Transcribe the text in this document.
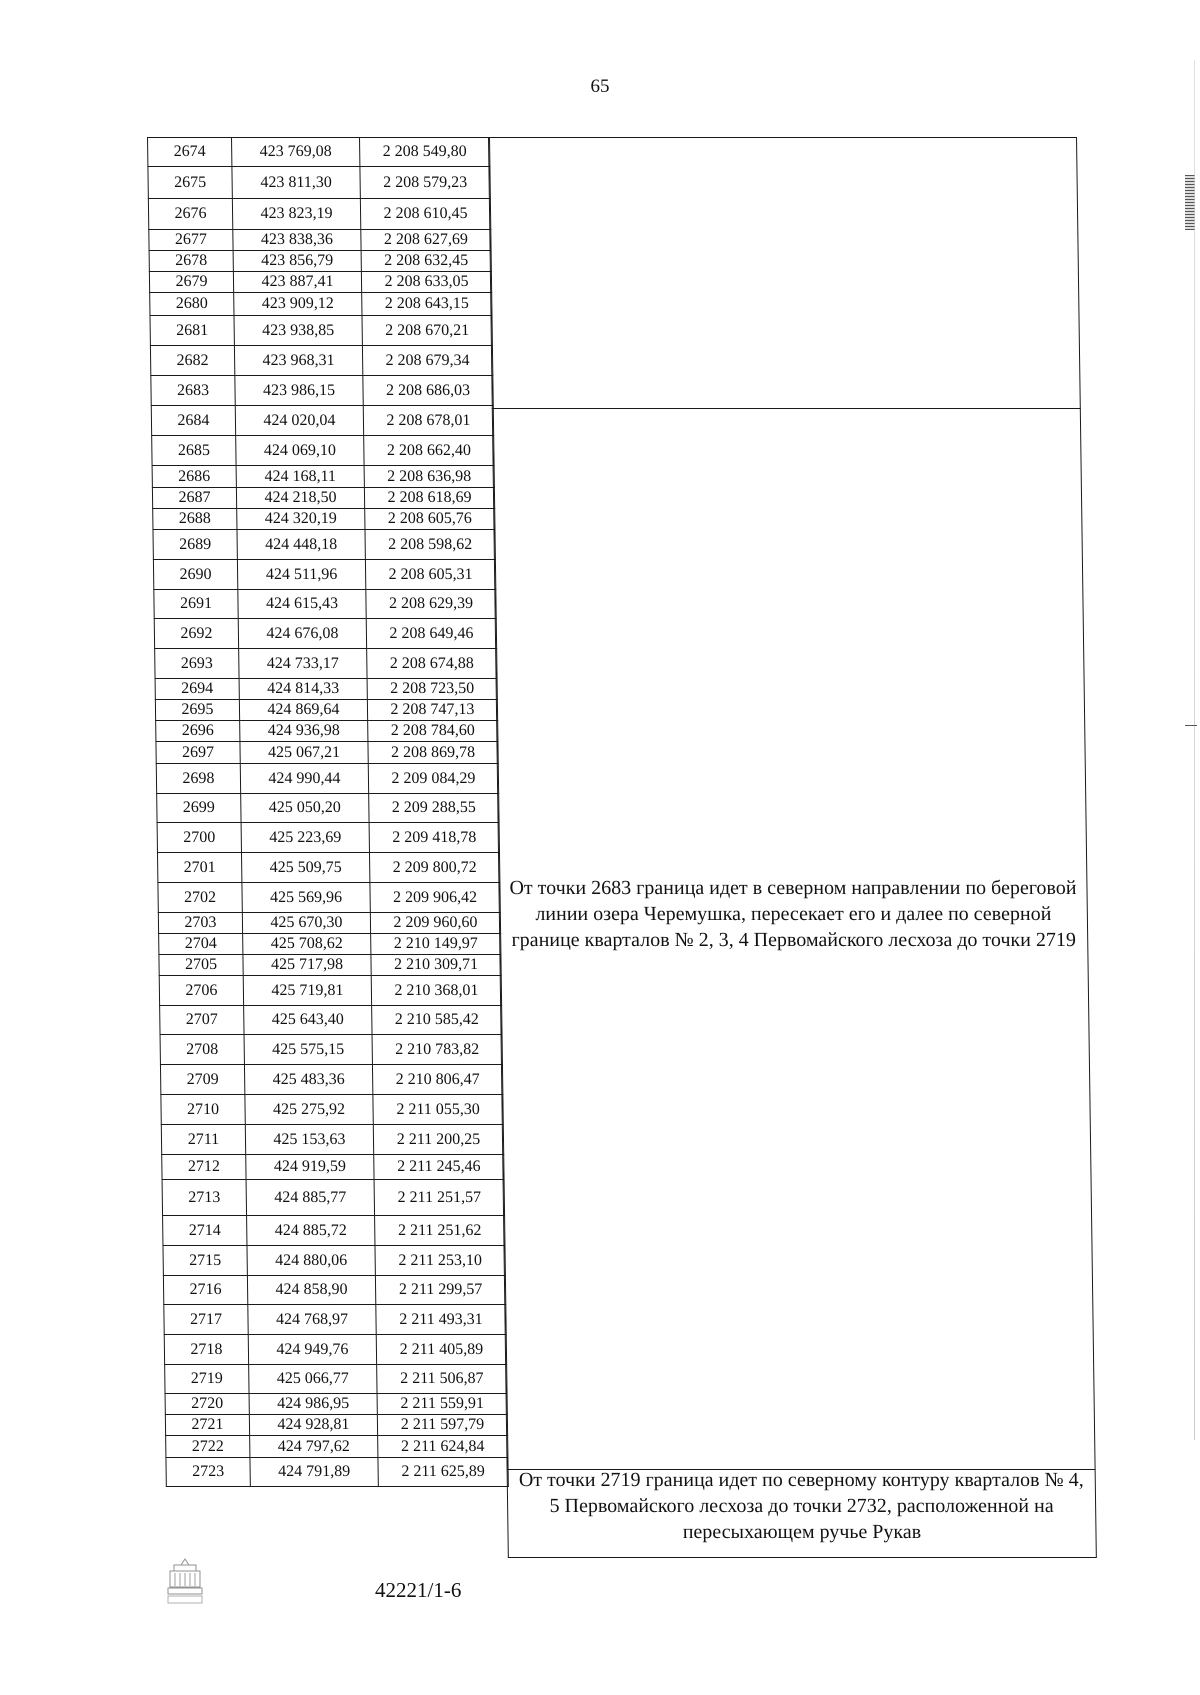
65
2674	423 769,08	2 208 549,80
2675	423 811,30	2 208 579,23
2676	423 823,19	2 208 610,45
2677	423 838,36	2 208 627,69
2678	423 856,79	2 208 632,45
2679	423 887,41	2 208 633,05
2680	423 909,12	2 208 643,15
2681	423 938,85	2 208 670,21
2682	423 968,31	2 208 679,34
2683	423 986,15	2 208 686,03
2684	424 020,04	2 208 678,01
2685	424 069,10	2 208 662,40
2686	424 168,11	2 208 636,98
2687	424 218,50	2 208 618,69
2688	424 320,19	2 208 605,76
2689	424 448,18	2 208 598,62
2690	424 511,96	2 208 605,31
2691	424 615,43	2 208 629,39
2692	424 676,08	2 208 649,46
2693	424 733,17	2 208 674,88
2694	424 814,33	2 208 723,50
2695	424 869,64	2 208 747,13
2696	424 936,98	2 208 784,60
2697	425 067,21	2 208 869,78
2698	424 990,44	2 209 084,29
2699	425 050,20	2 209 288,55
2700	425 223,69	2 209 418,78
2701	425 509,75	2 209 800,72
2702	425 569,96	2 209 906,42
2703	425 670,30	2 209 960,60
2704	425 708,62	2 210 149,97
2705	425 717,98	2 210 309,71
2706	425 719,81	2 210 368,01
2707	425 643,40	2 210 585,42
2708	425 575,15	2 210 783,82
2709	425 483,36	2 210 806,47
2710	425 275,92	2 211 055,30
2711	425 153,63	2 211 200,25
2712	424 919,59	2 211 245,46
2713	424 885,77	2 211 251,57
2714	424 885,72	2 211 251,62
2715	424 880,06	2 211 253,10
2716	424 858,90	2 211 299,57
2717	424 768,97	2 211 493,31
2718	424 949,76	2 211 405,89
2719	425 066,77	2 211 506,87
2720	424 986,95	2 211 559,91
2721	424 928,81	2 211 597,79
2722	424 797,62	2 211 624,84
2723	424 791,89	2 211 625,89
От точки 2683 граница идет в северном направлении по береговой линии озера Черемушка, пересекает его и далее по северной границе кварталов № 2, 3, 4 Первомайского лесхоза до точки 2719
От точки 2719 граница идет по северному контуру кварталов № 4, 5 Первомайского лесхоза до точки 2732, расположенной на пересыхающем ручье Рукав
42221/1-6
